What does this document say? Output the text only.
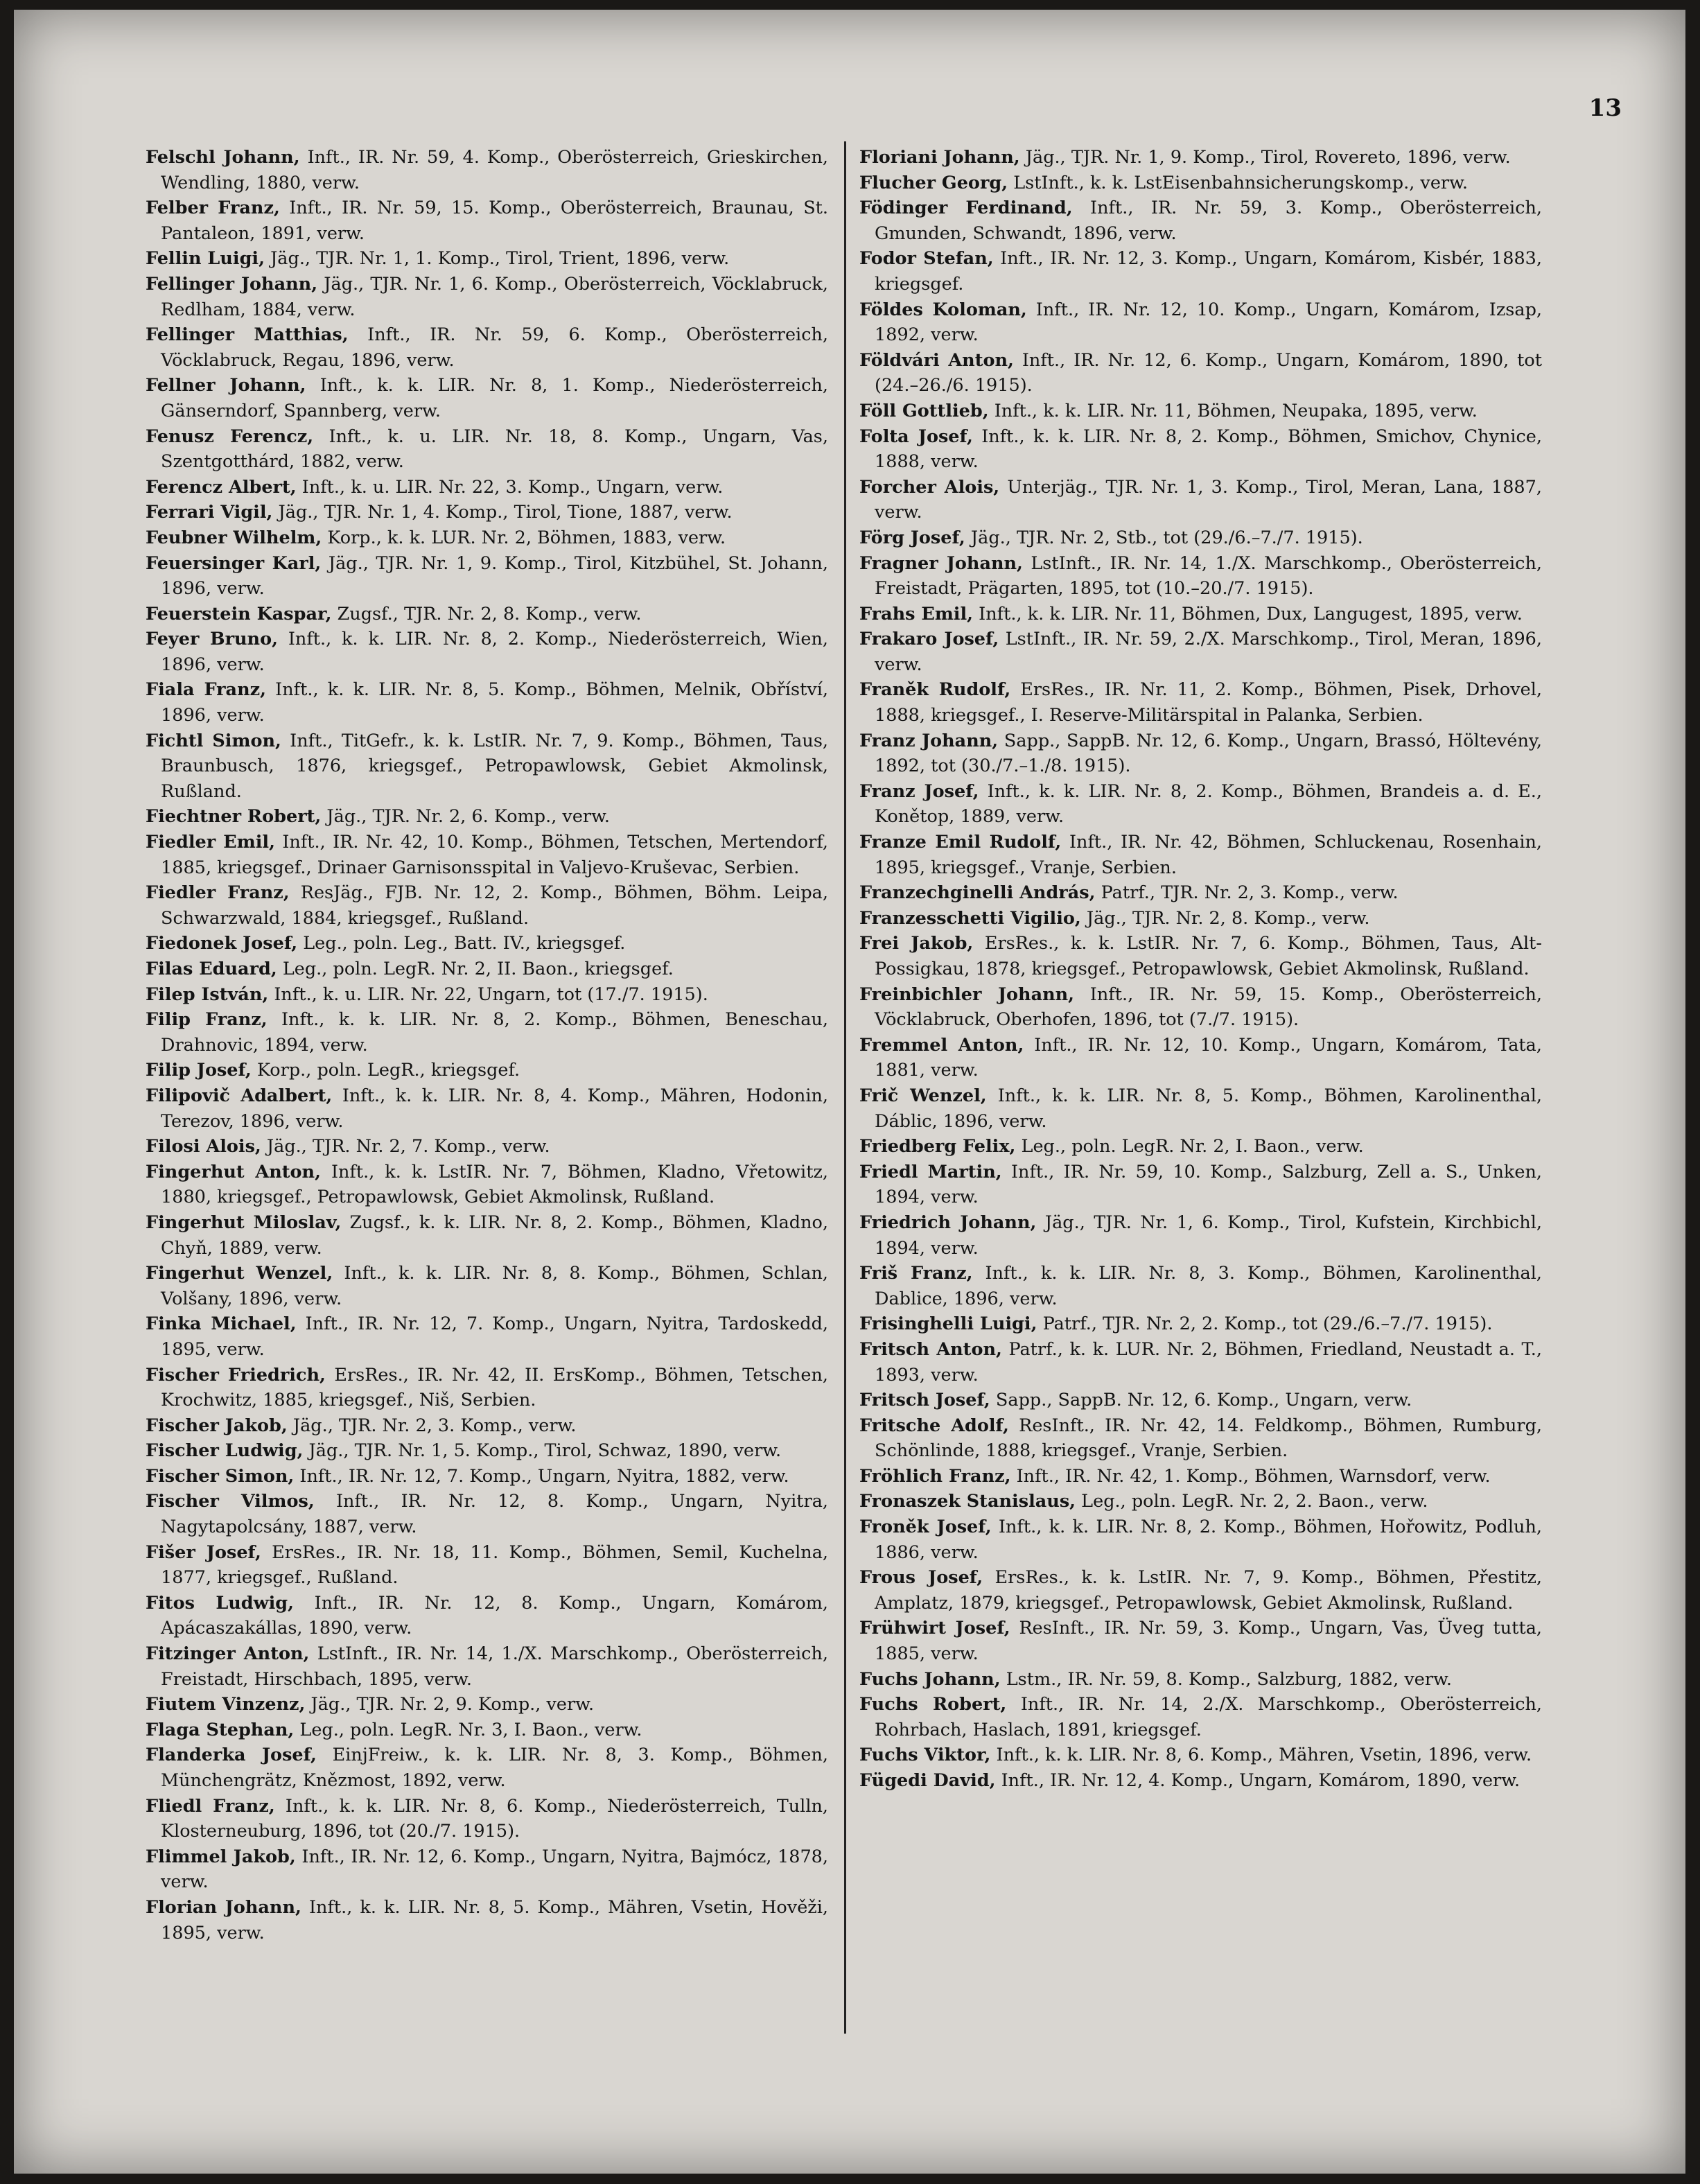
13
Felschl Johann, Inft., IR. Nr. 59, 4. Komp., Oberösterreich, Grieskirchen, Wendling, 1880, verw.
Felber Franz, Inft., IR. Nr. 59, 15. Komp., Oberösterreich, Braunau, St. Pantaleon, 1891, verw.
Fellin Luigi, Jäg., TJR. Nr. 1, 1. Komp., Tirol, Trient, 1896, verw.
Fellinger Johann, Jäg., TJR. Nr. 1, 6. Komp., Oberösterreich, Vöcklabruck, Redlham, 1884, verw.
Fellinger Matthias, Inft., IR. Nr. 59, 6. Komp., Oberösterreich, Vöcklabruck, Regau, 1896, verw.
Fellner Johann, Inft., k. k. LIR. Nr. 8, 1. Komp., Niederösterreich, Gänserndorf, Spannberg, verw.
Fenusz Ferencz, Inft., k. u. LIR. Nr. 18, 8. Komp., Ungarn, Vas, Szentgotthárd, 1882, verw.
Ferencz Albert, Inft., k. u. LIR. Nr. 22, 3. Komp., Ungarn, verw.
Ferrari Vigil, Jäg., TJR. Nr. 1, 4. Komp., Tirol, Tione, 1887, verw.
Feubner Wilhelm, Korp., k. k. LUR. Nr. 2, Böhmen, 1883, verw.
Feuersinger Karl, Jäg., TJR. Nr. 1, 9. Komp., Tirol, Kitzbühel, St. Johann, 1896, verw.
Feuerstein Kaspar, Zugsf., TJR. Nr. 2, 8. Komp., verw.
Feyer Bruno, Inft., k. k. LIR. Nr. 8, 2. Komp., Niederösterreich, Wien, 1896, verw.
Fiala Franz, Inft., k. k. LIR. Nr. 8, 5. Komp., Böhmen, Melnik, Obříství, 1896, verw.
Fichtl Simon, Inft., TitGefr., k. k. LstIR. Nr. 7, 9. Komp., Böhmen, Taus, Braunbusch, 1876, kriegsgef., Petropawlowsk, Gebiet Akmolinsk, Rußland.
Fiechtner Robert, Jäg., TJR. Nr. 2, 6. Komp., verw.
Fiedler Emil, Inft., IR. Nr. 42, 10. Komp., Böhmen, Tetschen, Mertendorf, 1885, kriegsgef., Drinaer Garnisonsspital in Valjevo-Kruševac, Serbien.
Fiedler Franz, ResJäg., FJB. Nr. 12, 2. Komp., Böhmen, Böhm. Leipa, Schwarzwald, 1884, kriegsgef., Rußland.
Fiedonek Josef, Leg., poln. Leg., Batt. IV., kriegsgef.
Filas Eduard, Leg., poln. LegR. Nr. 2, II. Baon., kriegsgef.
Filep István, Inft., k. u. LIR. Nr. 22, Ungarn, tot (17./7. 1915).
Filip Franz, Inft., k. k. LIR. Nr. 8, 2. Komp., Böhmen, Beneschau, Drahnovic, 1894, verw.
Filip Josef, Korp., poln. LegR., kriegsgef.
Filipovič Adalbert, Inft., k. k. LIR. Nr. 8, 4. Komp., Mähren, Hodonin, Terezov, 1896, verw.
Filosi Alois, Jäg., TJR. Nr. 2, 7. Komp., verw.
Fingerhut Anton, Inft., k. k. LstIR. Nr. 7, Böhmen, Kladno, Vřetowitz, 1880, kriegsgef., Petropawlowsk, Gebiet Akmolinsk, Rußland.
Fingerhut Miloslav, Zugsf., k. k. LIR. Nr. 8, 2. Komp., Böhmen, Kladno, Chyň, 1889, verw.
Fingerhut Wenzel, Inft., k. k. LIR. Nr. 8, 8. Komp., Böhmen, Schlan, Volšany, 1896, verw.
Finka Michael, Inft., IR. Nr. 12, 7. Komp., Ungarn, Nyitra, Tardoskedd, 1895, verw.
Fischer Friedrich, ErsRes., IR. Nr. 42, II. ErsKomp., Böhmen, Tetschen, Krochwitz, 1885, kriegsgef., Niš, Serbien.
Fischer Jakob, Jäg., TJR. Nr. 2, 3. Komp., verw.
Fischer Ludwig, Jäg., TJR. Nr. 1, 5. Komp., Tirol, Schwaz, 1890, verw.
Fischer Simon, Inft., IR. Nr. 12, 7. Komp., Ungarn, Nyitra, 1882, verw.
Fischer Vilmos, Inft., IR. Nr. 12, 8. Komp., Ungarn, Nyitra, Nagytapolcsány, 1887, verw.
Fišer Josef, ErsRes., IR. Nr. 18, 11. Komp., Böhmen, Semil, Kuchelna, 1877, kriegsgef., Rußland.
Fitos Ludwig, Inft., IR. Nr. 12, 8. Komp., Ungarn, Komárom, Apácaszakállas, 1890, verw.
Fitzinger Anton, LstInft., IR. Nr. 14, 1./X. Marschkomp., Oberösterreich, Freistadt, Hirschbach, 1895, verw.
Fiutem Vinzenz, Jäg., TJR. Nr. 2, 9. Komp., verw.
Flaga Stephan, Leg., poln. LegR. Nr. 3, I. Baon., verw.
Flanderka Josef, EinjFreiw., k. k. LIR. Nr. 8, 3. Komp., Böhmen, Münchengrätz, Knězmost, 1892, verw.
Fliedl Franz, Inft., k. k. LIR. Nr. 8, 6. Komp., Niederösterreich, Tulln, Klosterneuburg, 1896, tot (20./7. 1915).
Flimmel Jakob, Inft., IR. Nr. 12, 6. Komp., Ungarn, Nyitra, Bajmócz, 1878, verw.
Florian Johann, Inft., k. k. LIR. Nr. 8, 5. Komp., Mähren, Vsetin, Hověži, 1895, verw.
Floriani Johann, Jäg., TJR. Nr. 1, 9. Komp., Tirol, Rovereto, 1896, verw.
Flucher Georg, LstInft., k. k. LstEisenbahnsicherungskomp., verw.
Födinger Ferdinand, Inft., IR. Nr. 59, 3. Komp., Oberösterreich, Gmunden, Schwandt, 1896, verw.
Fodor Stefan, Inft., IR. Nr. 12, 3. Komp., Ungarn, Komárom, Kisbér, 1883, kriegsgef.
Földes Koloman, Inft., IR. Nr. 12, 10. Komp., Ungarn, Komárom, Izsap, 1892, verw.
Földvári Anton, Inft., IR. Nr. 12, 6. Komp., Ungarn, Komárom, 1890, tot (24.–26./6. 1915).
Föll Gottlieb, Inft., k. k. LIR. Nr. 11, Böhmen, Neupaka, 1895, verw.
Folta Josef, Inft., k. k. LIR. Nr. 8, 2. Komp., Böhmen, Smichov, Chynice, 1888, verw.
Forcher Alois, Unterjäg., TJR. Nr. 1, 3. Komp., Tirol, Meran, Lana, 1887, verw.
Förg Josef, Jäg., TJR. Nr. 2, Stb., tot (29./6.–7./7. 1915).
Fragner Johann, LstInft., IR. Nr. 14, 1./X. Marschkomp., Oberösterreich, Freistadt, Prägarten, 1895, tot (10.–20./7. 1915).
Frahs Emil, Inft., k. k. LIR. Nr. 11, Böhmen, Dux, Langugest, 1895, verw.
Frakaro Josef, LstInft., IR. Nr. 59, 2./X. Marschkomp., Tirol, Meran, 1896, verw.
Franěk Rudolf, ErsRes., IR. Nr. 11, 2. Komp., Böhmen, Pisek, Drhovel, 1888, kriegsgef., I. Reserve-Militärspital in Palanka, Serbien.
Franz Johann, Sapp., SappB. Nr. 12, 6. Komp., Ungarn, Brassó, Höltevény, 1892, tot (30./7.–1./8. 1915).
Franz Josef, Inft., k. k. LIR. Nr. 8, 2. Komp., Böhmen, Brandeis a. d. E., Konětop, 1889, verw.
Franze Emil Rudolf, Inft., IR. Nr. 42, Böhmen, Schluckenau, Rosenhain, 1895, kriegsgef., Vranje, Serbien.
Franzechginelli András, Patrf., TJR. Nr. 2, 3. Komp., verw.
Franzesschetti Vigilio, Jäg., TJR. Nr. 2, 8. Komp., verw.
Frei Jakob, ErsRes., k. k. LstIR. Nr. 7, 6. Komp., Böhmen, Taus, Alt-Possigkau, 1878, kriegsgef., Petropawlowsk, Gebiet Akmolinsk, Rußland.
Freinbichler Johann, Inft., IR. Nr. 59, 15. Komp., Oberösterreich, Vöcklabruck, Oberhofen, 1896, tot (7./7. 1915).
Fremmel Anton, Inft., IR. Nr. 12, 10. Komp., Ungarn, Komárom, Tata, 1881, verw.
Frič Wenzel, Inft., k. k. LIR. Nr. 8, 5. Komp., Böhmen, Karolinenthal, Dáblic, 1896, verw.
Friedberg Felix, Leg., poln. LegR. Nr. 2, I. Baon., verw.
Friedl Martin, Inft., IR. Nr. 59, 10. Komp., Salzburg, Zell a. S., Unken, 1894, verw.
Friedrich Johann, Jäg., TJR. Nr. 1, 6. Komp., Tirol, Kufstein, Kirchbichl, 1894, verw.
Friš Franz, Inft., k. k. LIR. Nr. 8, 3. Komp., Böhmen, Karolinenthal, Dablice, 1896, verw.
Frisinghelli Luigi, Patrf., TJR. Nr. 2, 2. Komp., tot (29./6.–7./7. 1915).
Fritsch Anton, Patrf., k. k. LUR. Nr. 2, Böhmen, Friedland, Neustadt a. T., 1893, verw.
Fritsch Josef, Sapp., SappB. Nr. 12, 6. Komp., Ungarn, verw.
Fritsche Adolf, ResInft., IR. Nr. 42, 14. Feldkomp., Böhmen, Rumburg, Schönlinde, 1888, kriegsgef., Vranje, Serbien.
Fröhlich Franz, Inft., IR. Nr. 42, 1. Komp., Böhmen, Warnsdorf, verw.
Fronaszek Stanislaus, Leg., poln. LegR. Nr. 2, 2. Baon., verw.
Froněk Josef, Inft., k. k. LIR. Nr. 8, 2. Komp., Böhmen, Hořowitz, Podluh, 1886, verw.
Frous Josef, ErsRes., k. k. LstIR. Nr. 7, 9. Komp., Böhmen, Přestitz, Amplatz, 1879, kriegsgef., Petropawlowsk, Gebiet Akmolinsk, Rußland.
Frühwirt Josef, ResInft., IR. Nr. 59, 3. Komp., Ungarn, Vas, Üveg tutta, 1885, verw.
Fuchs Johann, Lstm., IR. Nr. 59, 8. Komp., Salzburg, 1882, verw.
Fuchs Robert, Inft., IR. Nr. 14, 2./X. Marschkomp., Oberösterreich, Rohrbach, Haslach, 1891, kriegsgef.
Fuchs Viktor, Inft., k. k. LIR. Nr. 8, 6. Komp., Mähren, Vsetin, 1896, verw.
Fügedi David, Inft., IR. Nr. 12, 4. Komp., Ungarn, Komárom, 1890, verw.
